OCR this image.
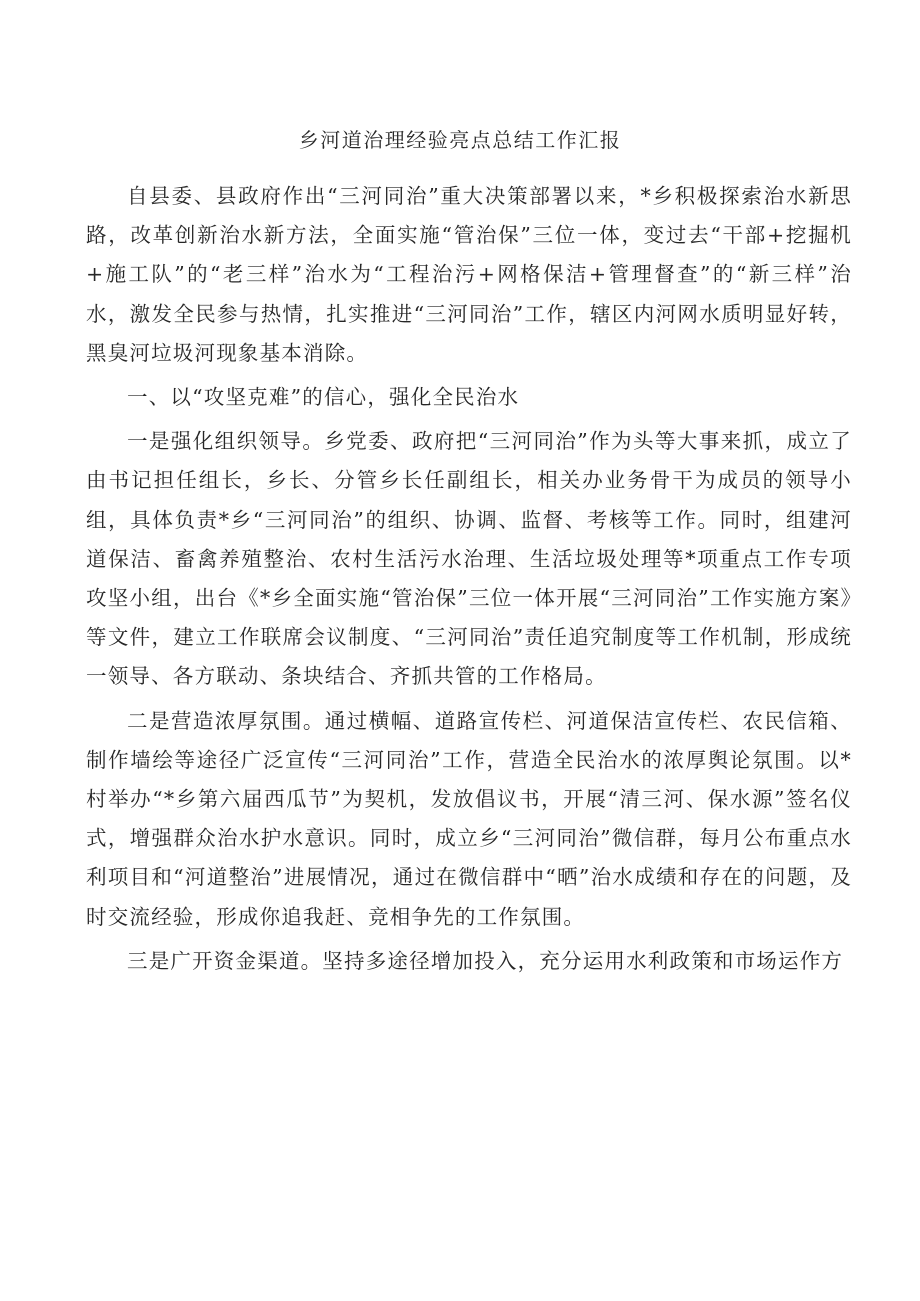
乡河道治理经验亮点总结工作汇报

自县委、县政府作出“三河同治”重大决策部署以来，*乡积极探索治水新思路，改革创新治水新方法，全面实施“管治保”三位一体，变过去“干部+挖掘机+施工队”的“老三样”治水为“工程治污+网格保洁+管理督查”的“新三样”治水，激发全民参与热情，扎实推进“三河同治”工作，辖区内河网水质明显好转，黑臭河垃圾河现象基本消除。

一、以“攻坚克难”的信心，强化全民治水

一是强化组织领导。乡党委、政府把“三河同治”作为头等大事来抓，成立了由书记担任组长，乡长、分管乡长任副组长，相关办业务骨干为成员的领导小组，具体负责*乡“三河同治”的组织、协调、监督、考核等工作。同时，组建河道保洁、畜禽养殖整治、农村生活污水治理、生活垃圾处理等*项重点工作专项攻坚小组，出台《*乡全面实施“管治保”三位一体开展“三河同治”工作实施方案》等文件，建立工作联席会议制度、“三河同治”责任追究制度等工作机制，形成统一领导、各方联动、条块结合、齐抓共管的工作格局。

二是营造浓厚氛围。通过横幅、道路宣传栏、河道保洁宣传栏、农民信箱、制作墙绘等途径广泛宣传“三河同治”工作，营造全民治水的浓厚舆论氛围。以*村举办“*乡第六届西瓜节”为契机，发放倡议书，开展“清三河、保水源”签名仪式，增强群众治水护水意识。同时，成立乡“三河同治”微信群，每月公布重点水利项目和“河道整治”进展情况，通过在微信群中“晒”治水成绩和存在的问题，及时交流经验，形成你追我赶、竞相争先的工作氛围。

三是广开资金渠道。坚持多途径增加投入，充分运用水利政策和市场运作方
